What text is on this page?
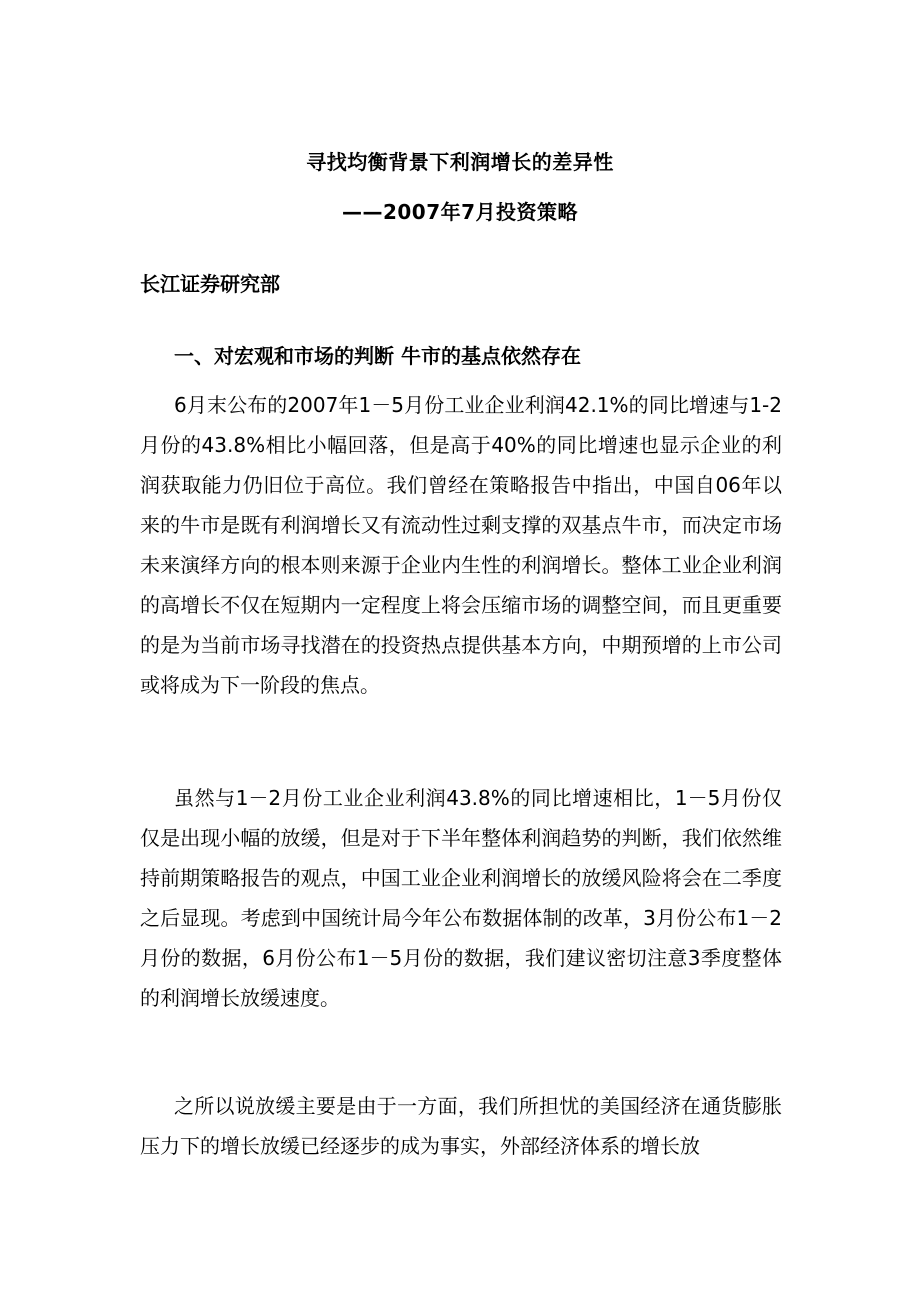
寻找均衡背景下利润增长的差异性
——2007年7月投资策略
长江证券研究部
一、对宏观和市场的判断 牛市的基点依然存在

6月末公布的2007年1－5月份工业企业利润42.1%的同比增速与1-2月份的43.8%相比小幅回落，但是高于40%的同比增速也显示企业的利润获取能力仍旧位于高位。我们曾经在策略报告中指出，中国自06年以来的牛市是既有利润增长又有流动性过剩支撑的双基点牛市，而决定市场未来演绎方向的根本则来源于企业内生性的利润增长。整体工业企业利润的高增长不仅在短期内一定程度上将会压缩市场的调整空间，而且更重要的是为当前市场寻找潜在的投资热点提供基本方向，中期预增的上市公司或将成为下一阶段的焦点。

虽然与1－2月份工业企业利润43.8%的同比增速相比，1－5月份仅仅是出现小幅的放缓，但是对于下半年整体利润趋势的判断，我们依然维持前期策略报告的观点，中国工业企业利润增长的放缓风险将会在二季度之后显现。考虑到中国统计局今年公布数据体制的改革，3月份公布1－2月份的数据，6月份公布1－5月份的数据，我们建议密切注意3季度整体的利润增长放缓速度。

之所以说放缓主要是由于一方面，我们所担忧的美国经济在通货膨胀压力下的增长放缓已经逐步的成为事实，外部经济体系的增长放
